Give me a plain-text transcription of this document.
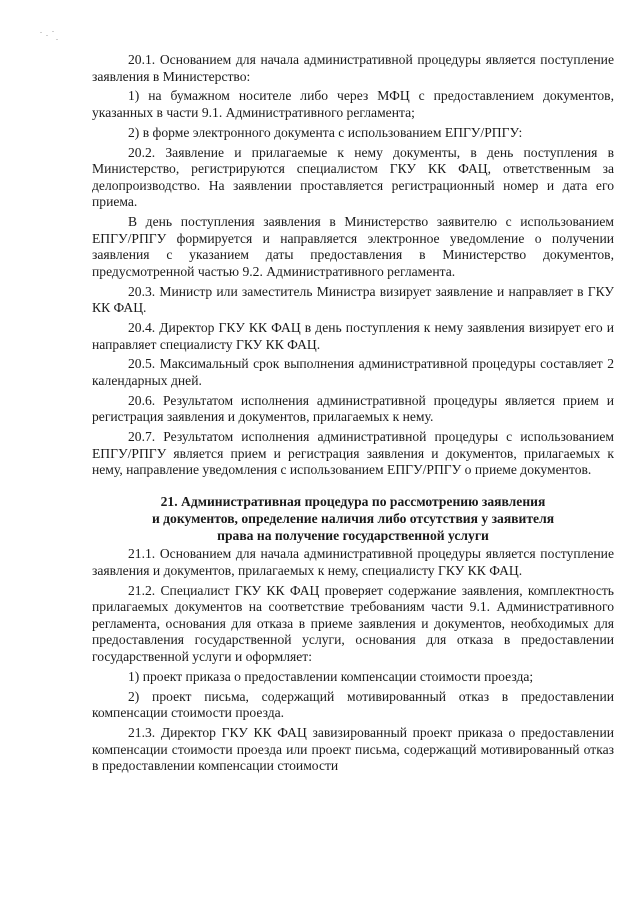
20.1. Основанием для начала административной процедуры является поступление заявления в Министерство:

1) на бумажном носителе либо через МФЦ с предоставлением документов, указанных в части 9.1. Административного регламента;

2) в форме электронного документа с использованием ЕПГУ/РПГУ:

20.2. Заявление и прилагаемые к нему документы, в день поступления в Министерство, регистрируются специалистом ГКУ КК ФАЦ, ответственным за делопроизводство. На заявлении проставляется регистрационный номер и дата его приема.

В день поступления заявления в Министерство заявителю с использованием ЕПГУ/РПГУ формируется и направляется электронное уведомление о получении заявления с указанием даты предоставления в Министерство документов, предусмотренной частью 9.2. Административного регламента.

20.3. Министр или заместитель Министра визирует заявление и направляет в ГКУ КК ФАЦ.

20.4. Директор ГКУ КК ФАЦ в день поступления к нему заявления визирует его и направляет специалисту ГКУ КК ФАЦ.

20.5. Максимальный срок выполнения административной процедуры составляет 2 календарных дней.

20.6. Результатом исполнения административной процедуры является прием и регистрация заявления и документов, прилагаемых к нему.

20.7. Результатом исполнения административной процедуры с использованием ЕПГУ/РПГУ является прием и регистрация заявления и документов, прилагаемых к нему, направление уведомления с использованием ЕПГУ/РПГУ о приеме документов.

21. Административная процедура по рассмотрению заявления
и документов, определение наличия либо отсутствия у заявителя
права на получение государственной услуги

21.1. Основанием для начала административной процедуры является поступление заявления и документов, прилагаемых к нему, специалисту ГКУ КК ФАЦ.

21.2. Специалист ГКУ КК ФАЦ проверяет содержание заявления, комплектность прилагаемых документов на соответствие требованиям части 9.1. Административного регламента, основания для отказа в приеме заявления и документов, необходимых для предоставления государственной услуги, основания для отказа в предоставлении государственной услуги и оформляет:

1) проект приказа о предоставлении компенсации стоимости проезда;

2) проект письма, содержащий мотивированный отказ в предоставлении компенсации стоимости проезда.

21.3. Директор ГКУ КК ФАЦ завизированный проект приказа о предоставлении компенсации стоимости проезда или проект письма, содержащий мотивированный отказ в предоставлении компенсации стоимости
